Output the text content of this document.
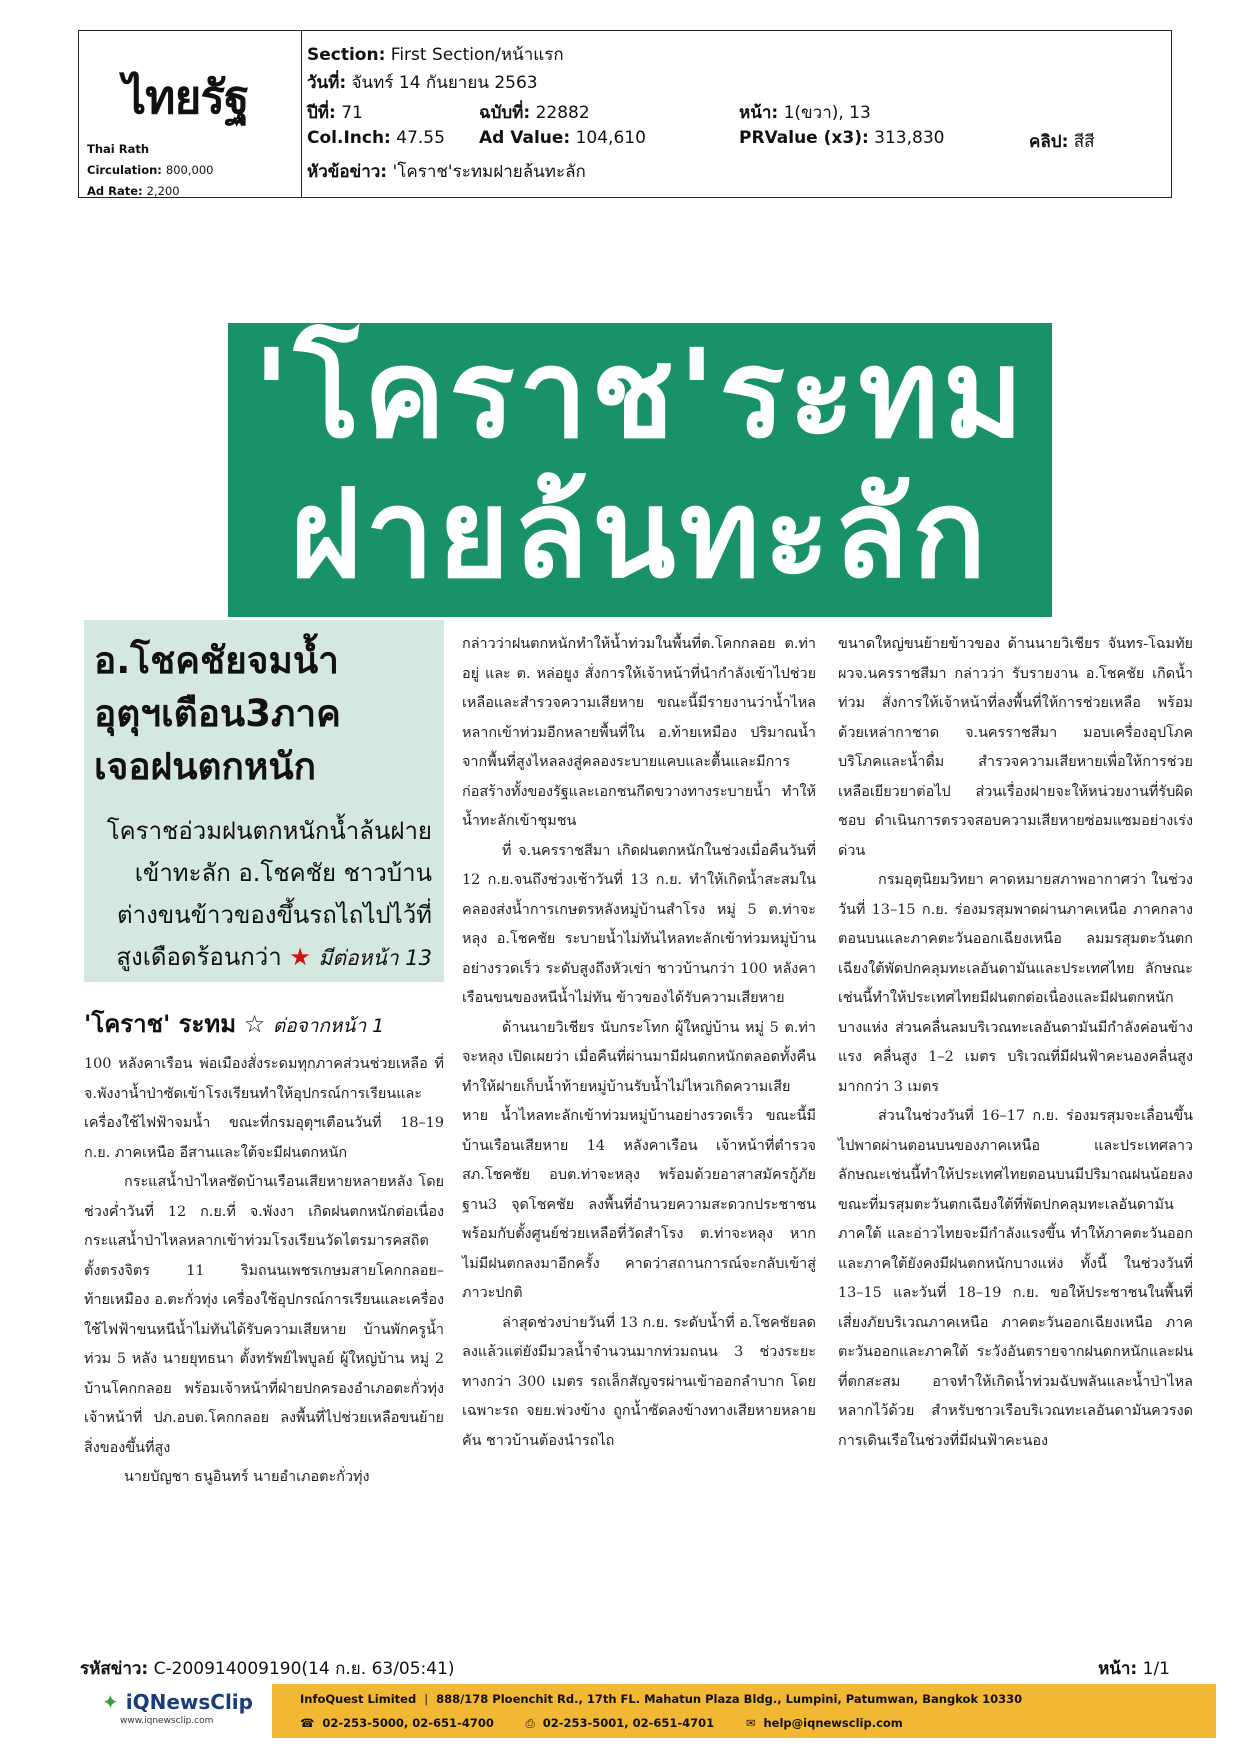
ไทยรัฐ
Thai Rath
Circulation: 800,000
Ad Rate: 2,200
Section: First Section/หน้าแรก
วันที่: จันทร์ 14 กันยายน 2563
ปีที่: 71	ฉบับที่: 22882	หน้า: 1(ขวา), 13
Col.Inch: 47.55 Ad Value: 104,610	PRValue (x3): 313,830	คลิป: สีสี
หัวข้อข่าว: 'โคราช'ระทมฝายล้นทะลัก
'โคราช'ระทม
ฝายล้นทะลัก
อ.โชคชัยจมน้ำ
อุตุฯเตือน3ภาค
เจอฝนตกหนัก
โคราชอ่วมฝนตกหนักน้ำล้นฝายเข้าทะลัก อ.โชคชัย ชาวบ้านต่างขนข้าวของขึ้นรถไถไปไว้ที่สูงเดือดร้อนกว่า ★ มีต่อหน้า 13
'โคราช' ระทม ☆ ต่อจากหน้า 1

100 หลังคาเรือน พ่อเมืองสั่งระดมทุกภาคส่วนช่วยเหลือ ที่ จ.พังงาน้ำป่าซัดเข้าโรงเรียนทำให้อุปกรณ์การเรียนและเครื่องใช้ไฟฟ้าจมน้ำ ขณะที่กรมอุตุฯเตือนวันที่ 18–19 ก.ย. ภาคเหนือ อีสานและใต้จะมีฝนตกหนัก

กระแสน้ำป่าไหลซัดบ้านเรือนเสียหายหลายหลัง โดยช่วงค่ำวันที่ 12 ก.ย.ที่ จ.พังงา เกิดฝนตกหนักต่อเนื่อง กระแสน้ำป่าไหลหลากเข้าท่วมโรงเรียนวัดไตรมารคสถิตตั้งตรงจิตร 11 ริมถนนเพชรเกษมสายโคกกลอย–ท้ายเหมือง อ.ตะกั่วทุ่ง เครื่องใช้อุปกรณ์การเรียนและเครื่องใช้ไฟฟ้าขนหนีน้ำไม่ทันได้รับความเสียหาย บ้านพักครูน้ำท่วม 5 หลัง นายยุทธนา ตั้งทรัพย์ไพบูลย์ ผู้ใหญ่บ้าน หมู่ 2 บ้านโคกกลอย พร้อมเจ้าหน้าที่ฝ่ายปกครองอำเภอตะกั่วทุ่ง เจ้าหน้าที่ ปภ.อบต.โคกกลอย ลงพื้นที่ไปช่วยเหลือขนย้ายสิ่งของขึ้นที่สูง

นายบัญชา ธนูอินทร์ นายอำเภอตะกั่วทุ่ง

กล่าวว่าฝนตกหนักทำให้น้ำท่วมในพื้นที่ต.โคกกลอย ต.ท่าอยู่ และ ต. หล่อยูง สั่งการให้เจ้าหน้าที่นำกำลังเข้าไปช่วยเหลือและสำรวจความเสียหาย ขณะนี้มีรายงานว่าน้ำไหลหลากเข้าท่วมอีกหลายพื้นที่ใน อ.ท้ายเหมือง ปริมาณน้ำจากพื้นที่สูงไหลลงสู่คลองระบายแคบและตื้นและมีการก่อสร้างทั้งของรัฐและเอกชนกีดขวางทางระบายน้ำ ทำให้น้ำทะลักเข้าชุมชน

ที่ จ.นครราชสีมา เกิดฝนตกหนักในช่วงเมื่อคืนวันที่ 12 ก.ย.จนถึงช่วงเช้าวันที่ 13 ก.ย. ทำให้เกิดน้ำสะสมในคลองส่งน้ำการเกษตรหลังหมู่บ้านสำโรง หมู่ 5 ต.ท่าจะหลุง อ.โชคชัย ระบายน้ำไม่ทันไหลทะลักเข้าท่วมหมู่บ้านอย่างรวดเร็ว ระดับสูงถึงหัวเข่า ชาวบ้านกว่า 100 หลังคาเรือนขนของหนีน้ำไม่ทัน ข้าวของได้รับความเสียหาย

ด้านนายวิเชียร นับกระโทก ผู้ใหญ่บ้าน หมู่ 5 ต.ท่าจะหลุง เปิดเผยว่า เมื่อคืนที่ผ่านมามีฝนตกหนักตลอดทั้งคืน ทำให้ฝายเก็บน้ำท้ายหมู่บ้านรับน้ำไม่ไหวเกิดความเสียหาย น้ำไหลทะลักเข้าท่วมหมู่บ้านอย่างรวดเร็ว ขณะนี้มีบ้านเรือนเสียหาย 14 หลังคาเรือน เจ้าหน้าที่ตำรวจ สภ.โชคชัย อบต.ท่าจะหลุง พร้อมด้วยอาสาสมัครกู้ภัยฐาน3 จุดโชคชัย ลงพื้นที่อำนวยความสะดวกประชาชน พร้อมกับตั้งศูนย์ช่วยเหลือที่วัดสำโรง ต.ท่าจะหลุง หากไม่มีฝนตกลงมาอีกครั้ง คาดว่าสถานการณ์จะกลับเข้าสู่ภาวะปกติ

ล่าสุดช่วงบ่ายวันที่ 13 ก.ย. ระดับน้ำที่ อ.โชคชัยลดลงแล้วแต่ยังมีมวลน้ำจำนวนมากท่วมถนน 3 ช่วงระยะทางกว่า 300 เมตร รถเล็กสัญจรผ่านเข้าออกลำบาก โดยเฉพาะรถ จยย.พ่วงข้าง ถูกน้ำซัดลงข้างทางเสียหายหลายคัน ชาวบ้านต้องนำรถไถ

ขนาดใหญ่ขนย้ายข้าวของ ด้านนายวิเชียร จันทร-โฉมทัย ผวจ.นครราชสีมา กล่าวว่า รับรายงาน อ.โชคชัย เกิดน้ำท่วม สั่งการให้เจ้าหน้าที่ลงพื้นที่ให้การช่วยเหลือ พร้อมด้วยเหล่ากาชาด จ.นครราชสีมา มอบเครื่องอุปโภคบริโภคและน้ำดื่ม สำรวจความเสียหายเพื่อให้การช่วยเหลือเยียวยาต่อไป ส่วนเรื่องฝายจะให้หน่วยงานที่รับผิดชอบ ดำเนินการตรวจสอบความเสียหายซ่อมแซมอย่างเร่งด่วน

กรมอุตุนิยมวิทยา คาดหมายสภาพอากาศว่า ในช่วงวันที่ 13–15 ก.ย. ร่องมรสุมพาดผ่านภาคเหนือ ภาคกลางตอนบนและภาคตะวันออกเฉียงเหนือ ลมมรสุมตะวันตกเฉียงใต้พัดปกคลุมทะเลอันดามันและประเทศไทย ลักษณะเช่นนี้ทำให้ประเทศไทยมีฝนตกต่อเนื่องและมีฝนตกหนักบางแห่ง ส่วนคลื่นลมบริเวณทะเลอันดามันมีกำลังค่อนข้างแรง คลื่นสูง 1–2 เมตร บริเวณที่มีฝนฟ้าคะนองคลื่นสูงมากกว่า 3 เมตร

ส่วนในช่วงวันที่ 16–17 ก.ย. ร่องมรสุมจะเลื่อนขึ้นไปพาดผ่านตอนบนของภาคเหนือ และประเทศลาว ลักษณะเช่นนี้ทำให้ประเทศไทยตอนบนมีปริมาณฝนน้อยลง ขณะที่มรสุมตะวันตกเฉียงใต้ที่พัดปกคลุมทะเลอันดามัน ภาคใต้ และอ่าวไทยจะมีกำลังแรงขึ้น ทำให้ภาคตะวันออกและภาคใต้ยังคงมีฝนตกหนักบางแห่ง ทั้งนี้ ในช่วงวันที่ 13–15 และวันที่ 18–19 ก.ย. ขอให้ประชาชนในพื้นที่เสี่ยงภัยบริเวณภาคเหนือ ภาคตะวันออกเฉียงเหนือ ภาคตะวันออกและภาคใต้ ระวังอันตรายจากฝนตกหนักและฝนที่ตกสะสม อาจทำให้เกิดน้ำท่วมฉับพลันและน้ำป่าไหลหลากไว้ด้วย สำหรับชาวเรือบริเวณทะเลอันดามันควรงดการเดินเรือในช่วงที่มีฝนฟ้าคะนอง

รหัสข่าว: C-200914009190(14 ก.ย. 63/05:41)	หน้า: 1/1
✦ iQNewsClip
www.iqnewsclip.com
InfoQuest Limited | 888/178 Ploenchit Rd., 17th FL. Mahatun Plaza Bldg., Lumpini, Patumwan, Bangkok 10330
☎ 02-253-5000, 02-651-4700	⎙ 02-253-5001, 02-651-4701	✉ help@iqnewsclip.com
